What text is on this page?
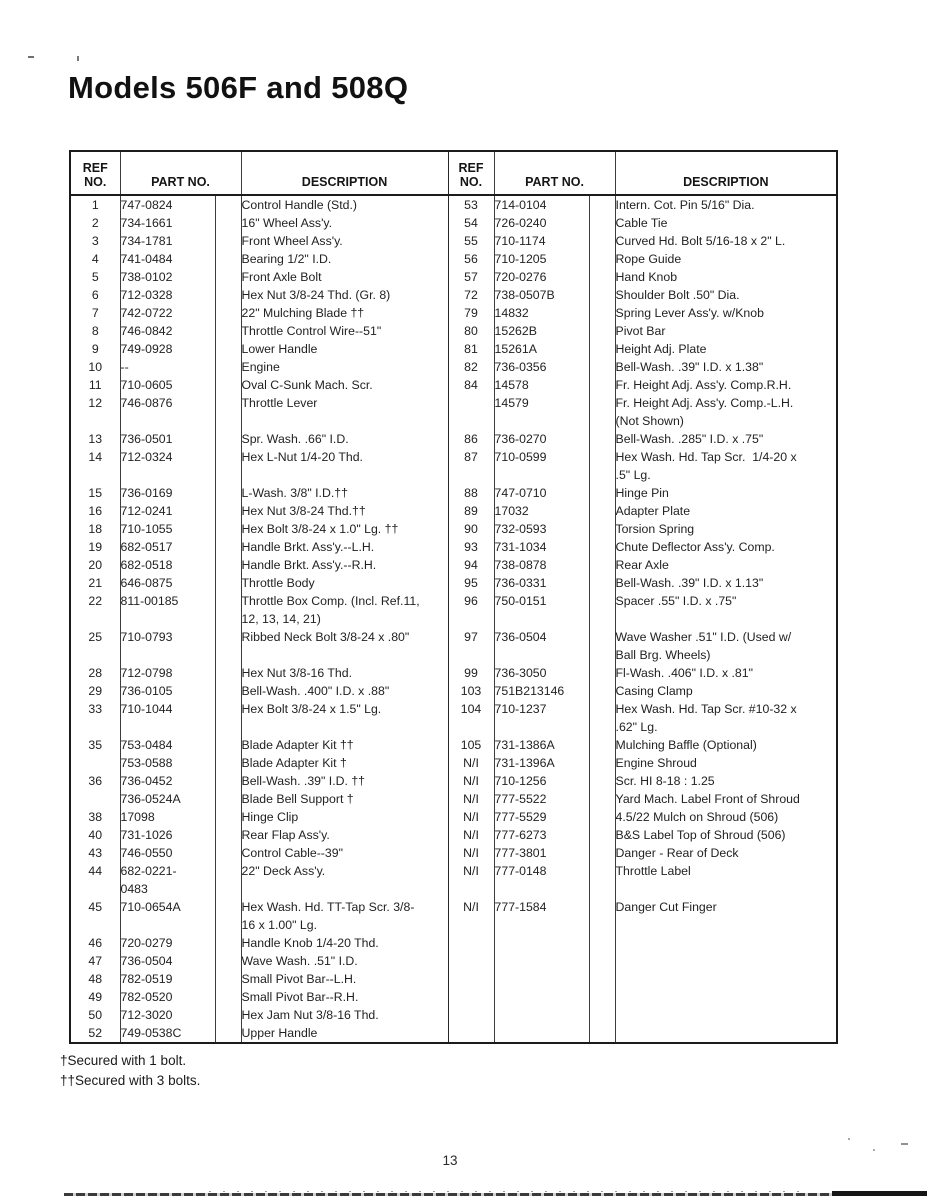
Models 506F and 508Q
REF
NO.	PART NO.		DESCRIPTION	REF
NO.	PART NO.		DESCRIPTION
1	747-0824		Control Handle (Std.)	53	714-0104		Intern. Cot. Pin 5/16" Dia.
2	734-1661		16" Wheel Ass'y.	54	726-0240		Cable Tie
3	734-1781		Front Wheel Ass'y.	55	710-1174		Curved Hd. Bolt 5/16-18 x 2" L.
4	741-0484		Bearing 1/2" I.D.	56	710-1205		Rope Guide
5	738-0102		Front Axle Bolt	57	720-0276		Hand Knob
6	712-0328		Hex Nut 3/8-24 Thd. (Gr. 8)	72	738-0507B		Shoulder Bolt .50" Dia.
7	742-0722		22" Mulching Blade ††	79	14832		Spring Lever Ass'y. w/Knob
8	746-0842		Throttle Control Wire--51"	80	15262B		Pivot Bar
9	749-0928		Lower Handle	81	15261A		Height Adj. Plate
10	--		Engine	82	736-0356		Bell-Wash. .39" I.D. x 1.38"
11	710-0605		Oval C-Sunk Mach. Scr.	84	14578		Fr. Height Adj. Ass'y. Comp.R.H.
12	746-0876		Throttle Lever		14579		Fr. Height Adj. Ass'y. Comp.-L.H.
							(Not Shown)
13	736-0501		Spr. Wash. .66" I.D.	86	736-0270		Bell-Wash. .285" I.D. x .75"
14	712-0324		Hex L-Nut 1/4-20 Thd.	87	710-0599		Hex Wash. Hd. Tap Scr.  1/4-20 x
							.5" Lg.
15	736-0169		L-Wash. 3/8" I.D.††	88	747-0710		Hinge Pin
16	712-0241		Hex Nut 3/8-24 Thd.††	89	17032		Adapter Plate
18	710-1055		Hex Bolt 3/8-24 x 1.0" Lg. ††	90	732-0593		Torsion Spring
19	682-0517		Handle Brkt. Ass'y.--L.H.	93	731-1034		Chute Deflector Ass'y. Comp.
20	682-0518		Handle Brkt. Ass'y.--R.H.	94	738-0878		Rear Axle
21	646-0875		Throttle Body	95	736-0331		Bell-Wash. .39" I.D. x 1.13"
22	811-00185		Throttle Box Comp. (Incl. Ref.11,	96	750-0151		Spacer .55" I.D. x .75"
			12, 13, 14, 21)				
25	710-0793		Ribbed Neck Bolt 3/8-24 x .80"	97	736-0504		Wave Washer .51" I.D. (Used w/
							Ball Brg. Wheels)
28	712-0798		Hex Nut 3/8-16 Thd.	99	736-3050		Fl-Wash. .406" I.D. x .81"
29	736-0105		Bell-Wash. .400" I.D. x .88"	103	751B213146		Casing Clamp
33	710-1044		Hex Bolt 3/8-24 x 1.5" Lg.	104	710-1237		Hex Wash. Hd. Tap Scr. #10-32 x
							.62" Lg.
35	753-0484		Blade Adapter Kit ††	105	731-1386A		Mulching Baffle (Optional)
	753-0588		Blade Adapter Kit †	N/I	731-1396A		Engine Shroud
36	736-0452		Bell-Wash. .39" I.D. ††	N/I	710-1256		Scr. HI 8-18 : 1.25
	736-0524A		Blade Bell Support †	N/I	777-5522		Yard Mach. Label Front of Shroud
38	17098		Hinge Clip	N/I	777-5529		4.5/22 Mulch on Shroud (506)
40	731-1026		Rear Flap Ass'y.	N/I	777-6273		B&S Label Top of Shroud (506)
43	746-0550		Control Cable--39"	N/I	777-3801		Danger - Rear of Deck
44	682-0221-		22" Deck Ass'y.	N/I	777-0148		Throttle Label
	0483						
45	710-0654A		Hex Wash. Hd. TT-Tap Scr. 3/8-	N/I	777-1584		Danger Cut Finger
			16 x 1.00" Lg.				
46	720-0279		Handle Knob 1/4-20 Thd.				
47	736-0504		Wave Wash. .51" I.D.				
48	782-0519		Small Pivot Bar--L.H.				
49	782-0520		Small Pivot Bar--R.H.				
50	712-3020		Hex Jam Nut 3/8-16 Thd.				
52	749-0538C		Upper Handle				
†Secured with 1 bolt.
††Secured with 3 bolts.
13
